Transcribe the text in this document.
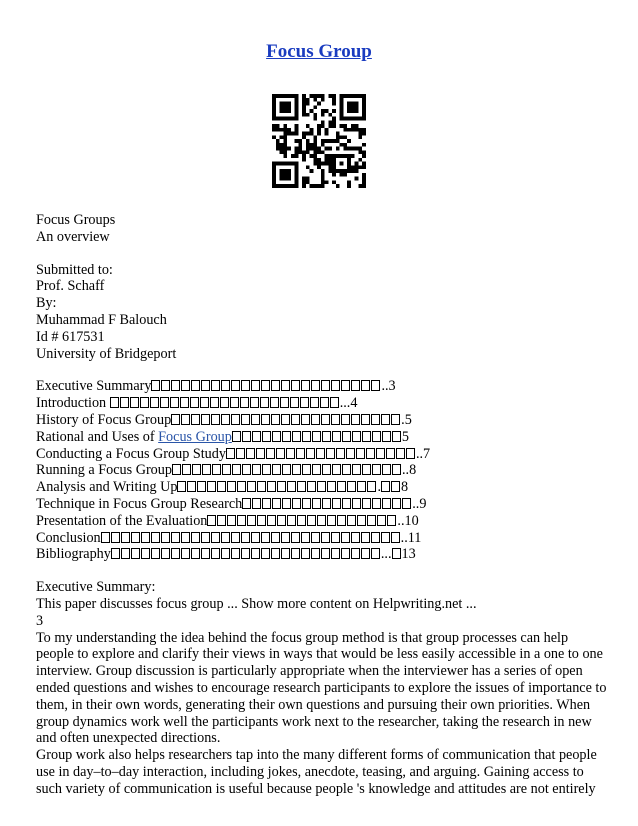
Focus Group
Focus Groups
An overview
Submitted to:
Prof. Schaff
By:
Muhammad F Balouch
Id # 617531
University of Bridgeport
Executive Summary	..3
Introduction	...4
History of Focus Group	.5
Rational and Uses of Focus Group	5
Conducting a Focus Group Study	..7
Running a Focus Group	..8
Analysis and Writing Up	. 8
Technique in Focus Group Research	..9
Presentation of the Evaluation	..10
Conclusion	..11
Bibliography	... 13
Executive Summary:
This paper discusses focus group ... Show more content on Helpwriting.net ...
3
To my understanding the idea behind the focus group method is that group processes can help people to explore and clarify their views in ways that would be less easily accessible in a one to one interview. Group discussion is particularly appropriate when the interviewer has a series of open ended questions and wishes to encourage research participants to explore the issues of importance to them, in their own words, generating their own questions and pursuing their own priorities. When group dynamics work well the participants work next to the researcher, taking the research in new and often unexpected directions.
Group work also helps researchers tap into the many different forms of communication that people use in day–to–day interaction, including jokes, anecdote, teasing, and arguing. Gaining access to such variety of communication is useful because people 's knowledge and attitudes are not entirely
